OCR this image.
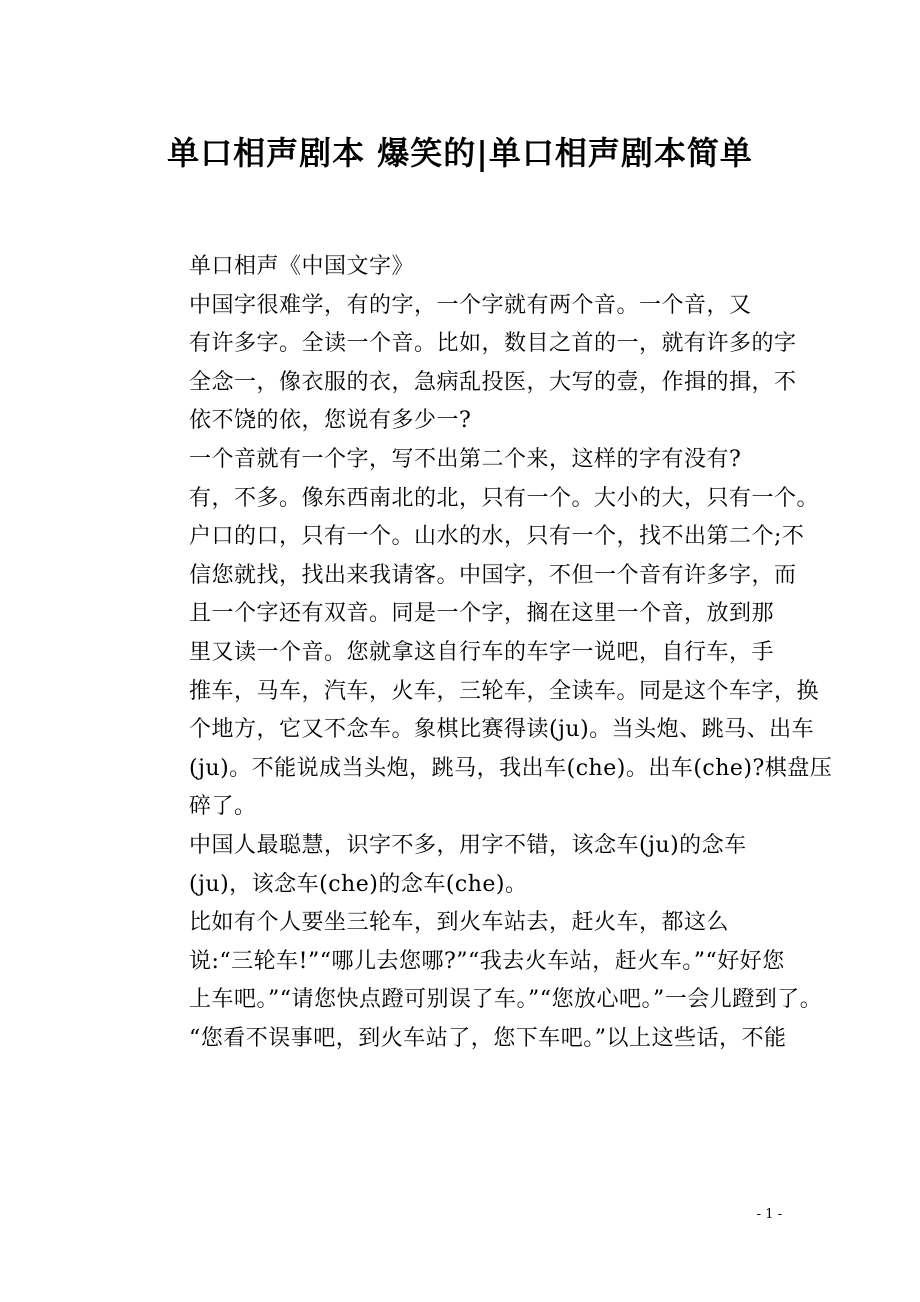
单口相声剧本 爆笑的|单口相声剧本简单
单口相声《中国文字》

中国字很难学，有的字，一个字就有两个音。一个音，又
有许多字。全读一个音。比如，数目之首的一，就有许多的字
全念一，像衣服的衣，急病乱投医，大写的壹，作揖的揖，不
依不饶的依，您说有多少一?

一个音就有一个字，写不出第二个来，这样的字有没有?
有，不多。像东西南北的北，只有一个。大小的大，只有一个。
户口的口，只有一个。山水的水，只有一个，找不出第二个;不
信您就找，找出来我请客。中国字，不但一个音有许多字，而
且一个字还有双音。同是一个字，搁在这里一个音，放到那
里又读一个音。您就拿这自行车的车字一说吧，自行车，手
推车，马车，汽车，火车，三轮车，全读车。同是这个车字，换
个地方，它又不念车。象棋比赛得读(ju)。当头炮、跳马、出车
(ju)。不能说成当头炮，跳马，我出车(che)。出车(che)?棋盘压
碎了。

中国人最聪慧，识字不多，用字不错，该念车(ju)的念车
(ju)，该念车(che)的念车(che)。

比如有个人要坐三轮车，到火车站去，赶火车，都这么
说:“三轮车!”“哪儿去您哪?”“我去火车站，赶火车。”“好好您
上车吧。”“请您快点蹬可别误了车。”“您放心吧。”一会儿蹬到了。
“您看不误事吧，到火车站了，您下车吧。”以上这些话，不能

- 1 -
